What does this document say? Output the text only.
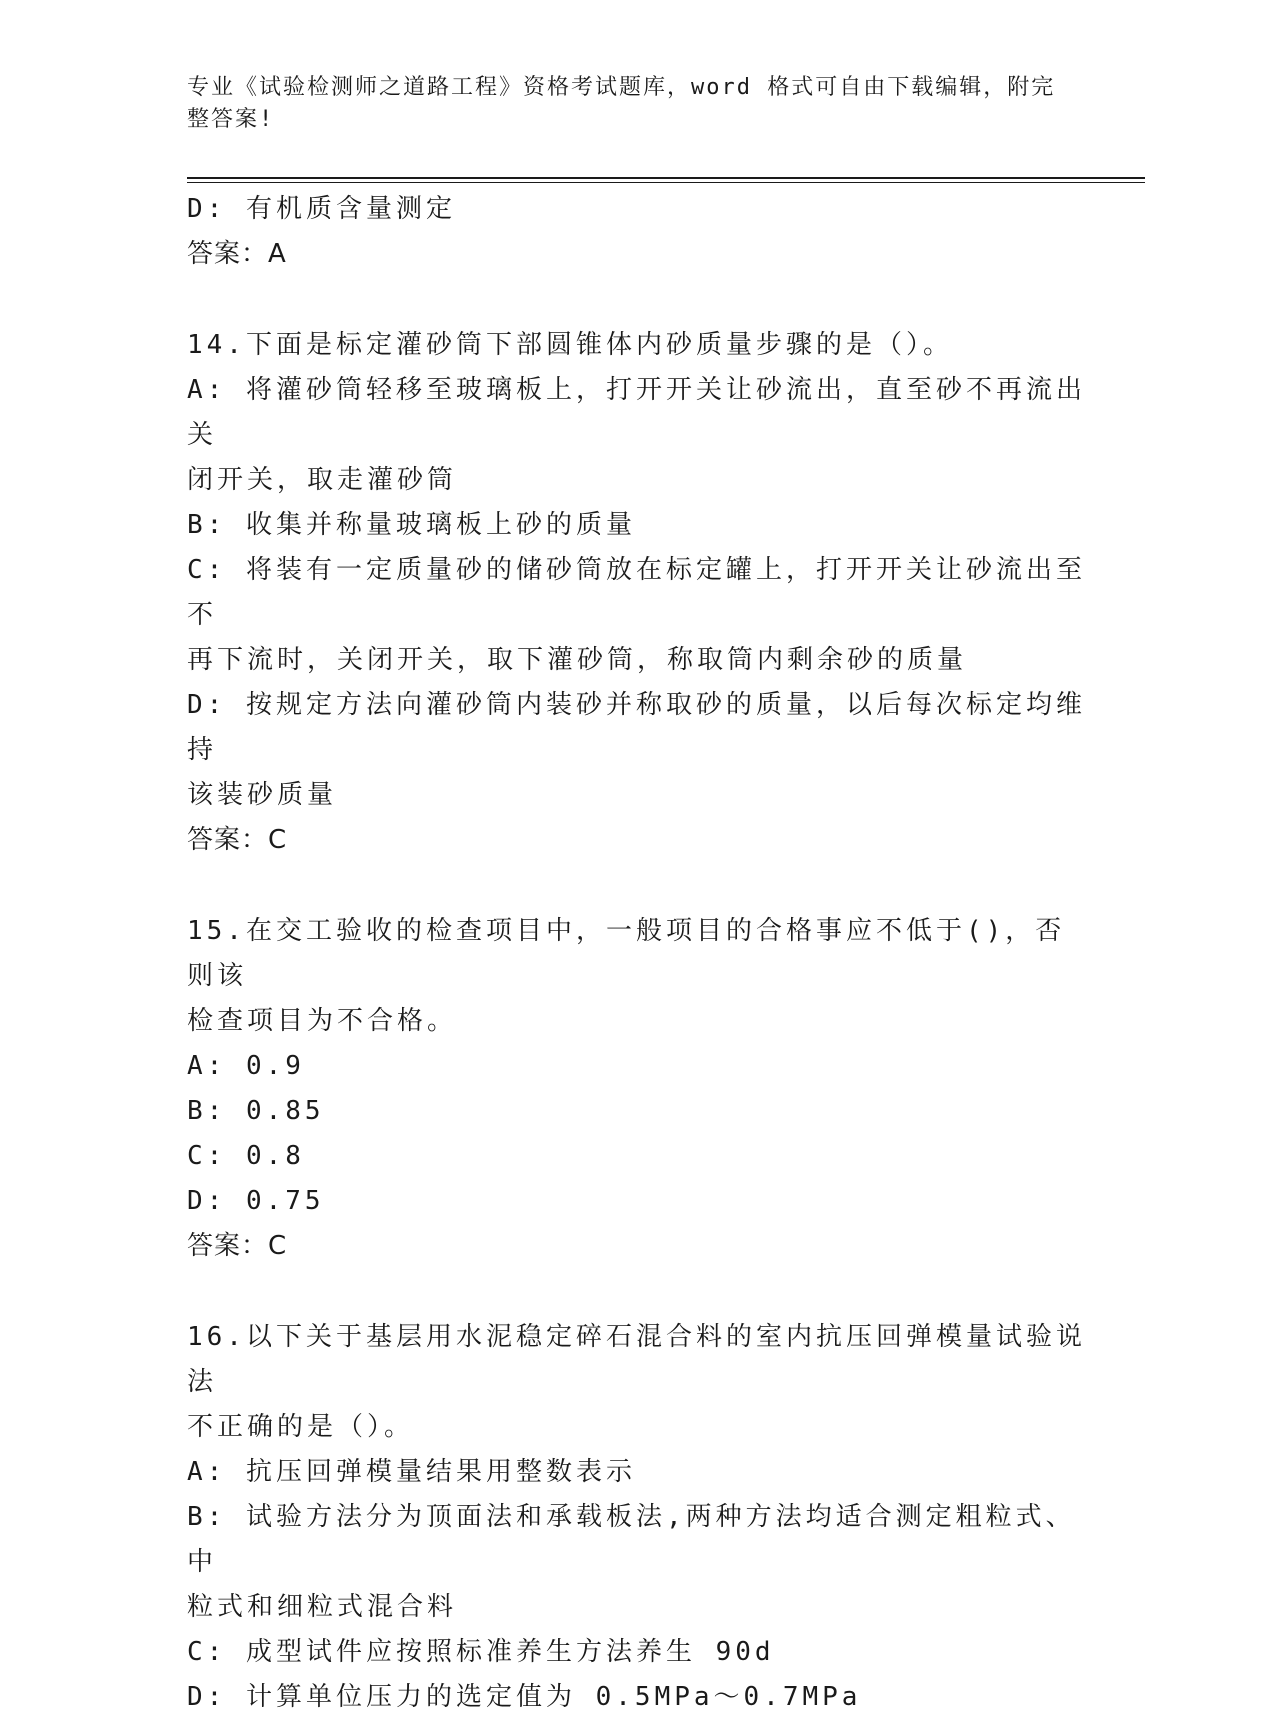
专业《试验检测师之道路工程》资格考试题库，word 格式可自由下载编辑，附完
整答案!
D: 有机质含量测定
答案：A
14.下面是标定灌砂筒下部圆锥体内砂质量步骤的是（）。
A: 将灌砂筒轻移至玻璃板上，打开开关让砂流出，直至砂不再流出关
闭开关，取走灌砂筒
B: 收集并称量玻璃板上砂的质量
C: 将装有一定质量砂的储砂筒放在标定罐上，打开开关让砂流出至不
再下流时，关闭开关，取下灌砂筒，称取筒内剩余砂的质量
D: 按规定方法向灌砂筒内装砂并称取砂的质量，以后每次标定均维持
该装砂质量
答案：C
15.在交工验收的检查项目中，一般项目的合格事应不低于()，否则该
检查项目为不合格。
A: 0.9
B: 0.85
C: 0.8
D: 0.75
答案：C
16.以下关于基层用水泥稳定碎石混合料的室内抗压回弹模量试验说法
不正确的是（）。
A: 抗压回弹模量结果用整数表示
B: 试验方法分为顶面法和承载板法,两种方法均适合测定粗粒式、中
粒式和细粒式混合料
C: 成型试件应按照标准养生方法养生 90d
D: 计算单位压力的选定值为 0.5MPa～0.7MPa
